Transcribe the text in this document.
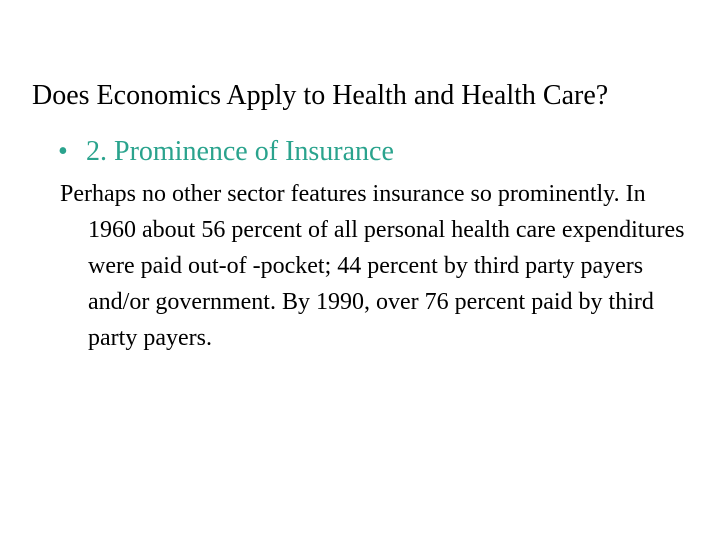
Does Economics Apply to Health and Health Care?
• 2. Prominence of Insurance
Perhaps no other sector features insurance so prominently. In 1960 about 56 percent of all personal health care expenditures were paid out-of -pocket; 44 percent by third party payers and/or government. By 1990, over 76 percent paid by third party payers.
